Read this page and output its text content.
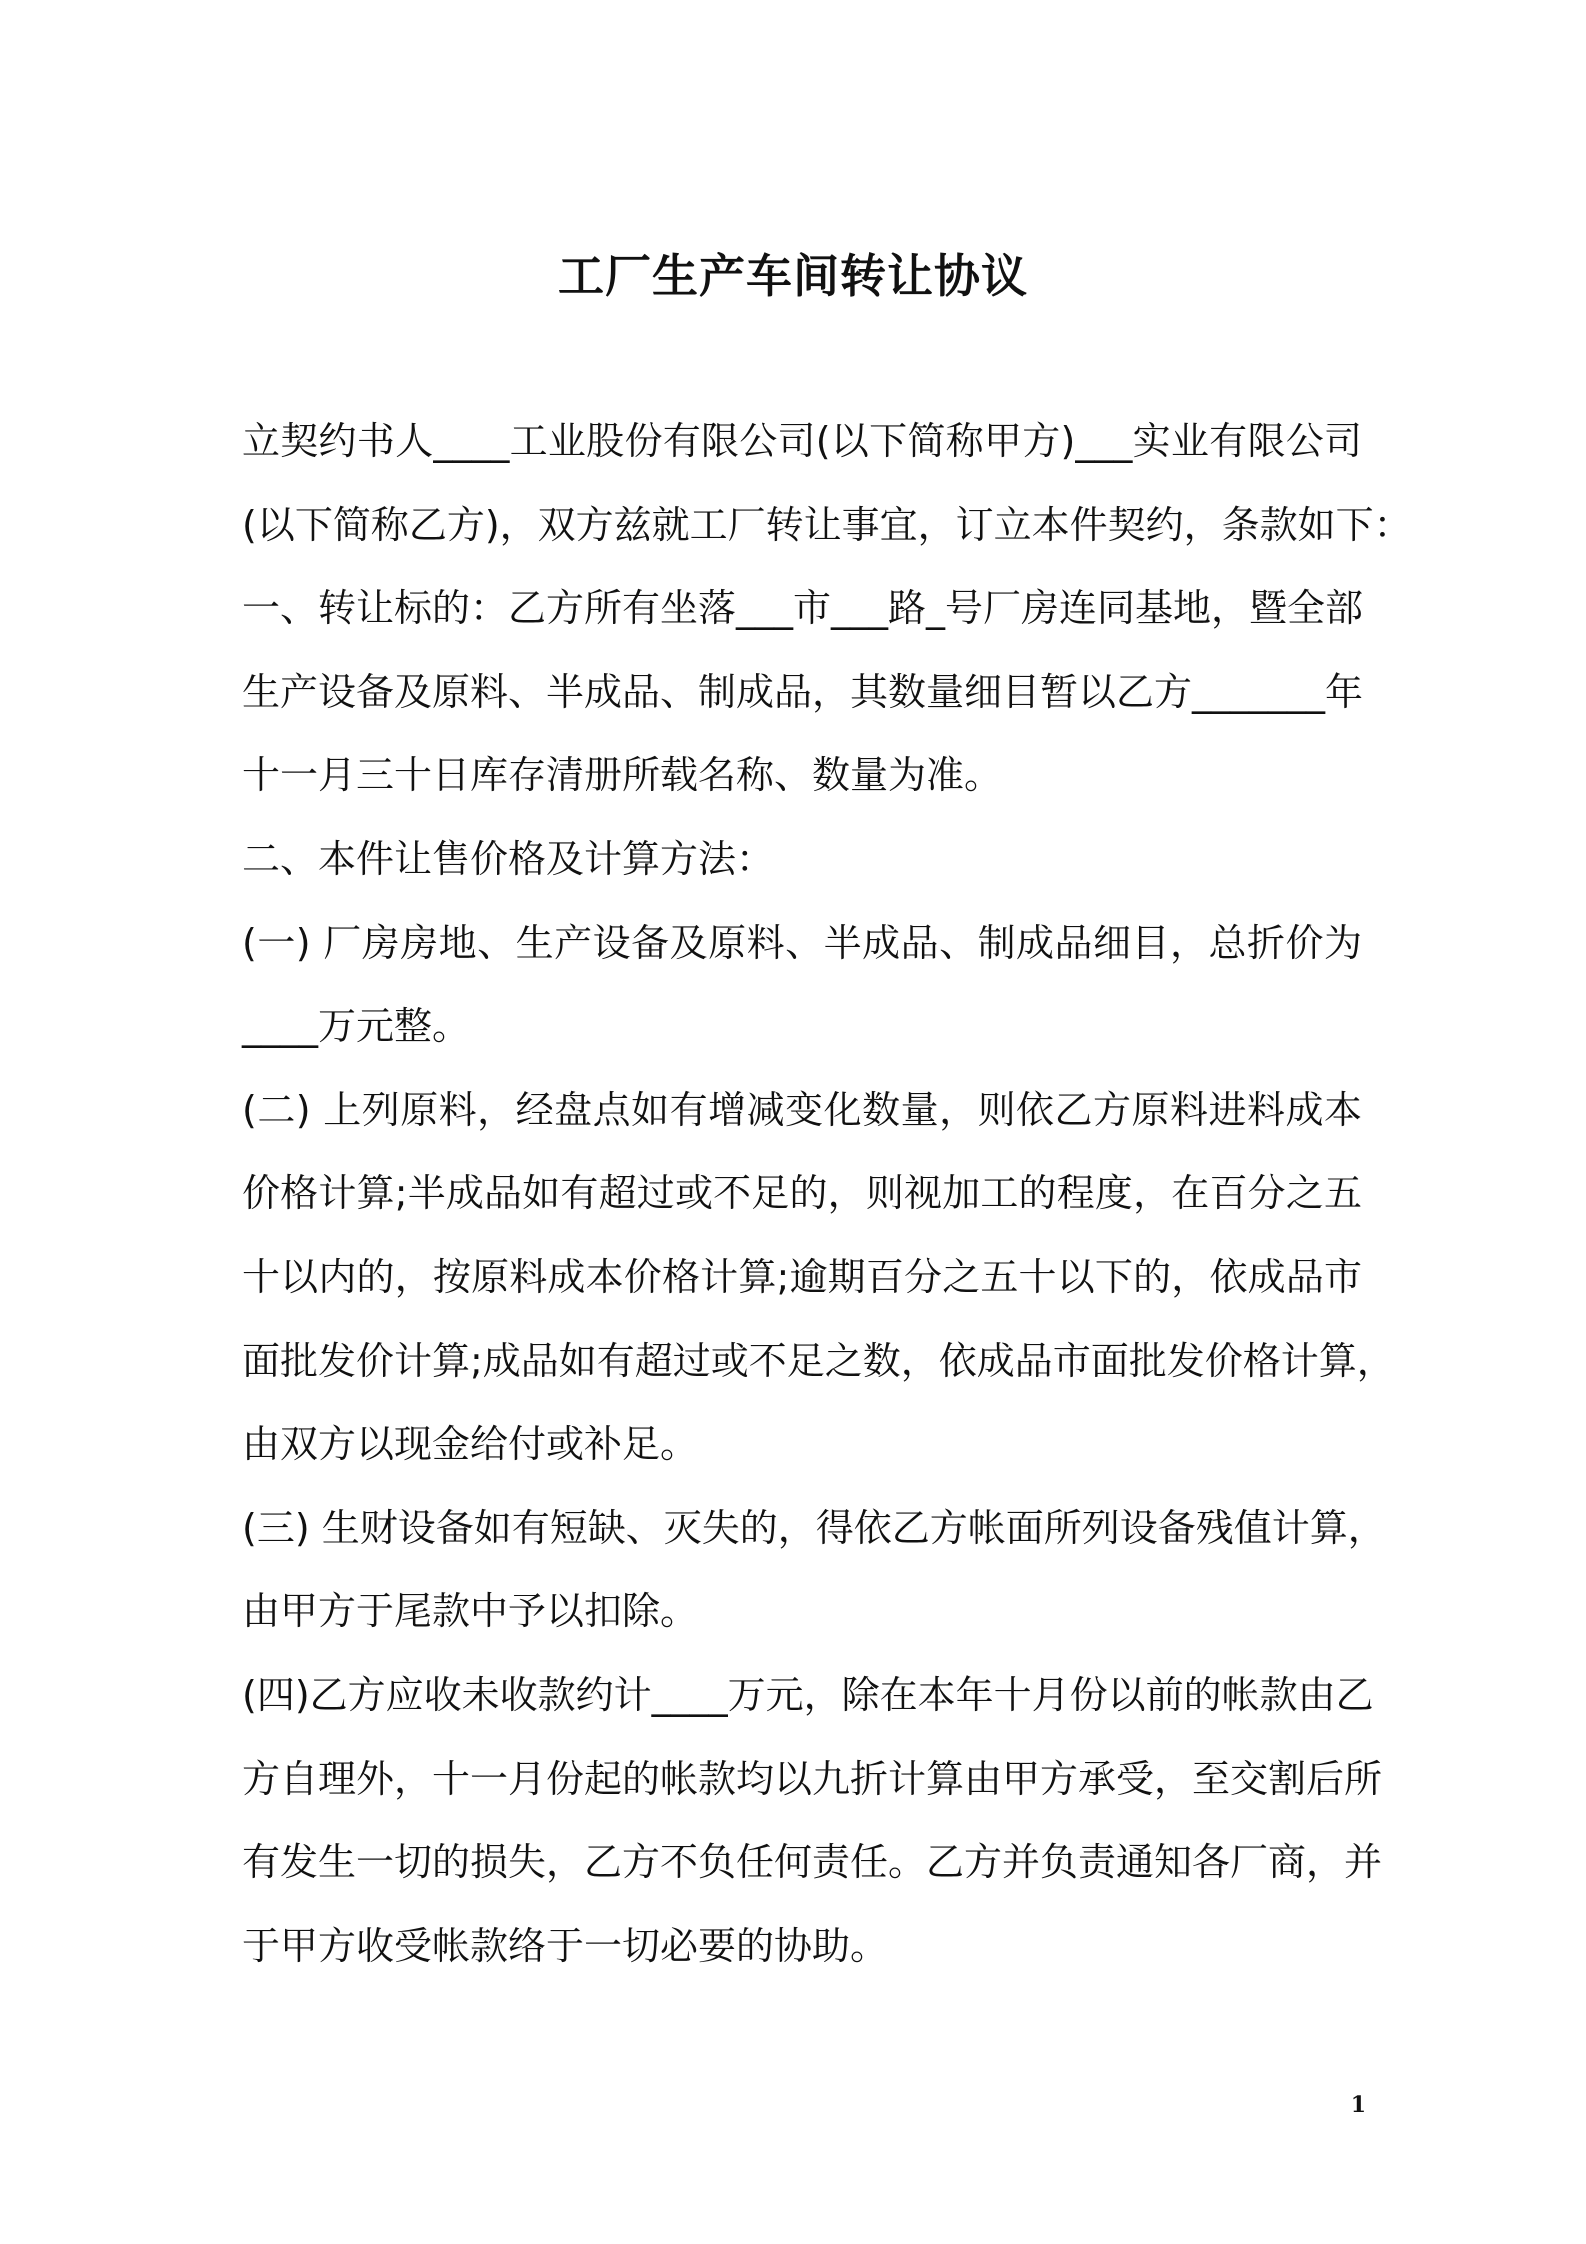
工厂生产车间转让协议
立契约书人____工业股份有限公司(以下简称甲方)___实业有限公司
(以下简称乙方)，双方兹就工厂转让事宜，订立本件契约，条款如下：
一、转让标的：乙方所有坐落___市___路_号厂房连同基地，暨全部
生产设备及原料、半成品、制成品，其数量细目暂以乙方_______年
十一月三十日库存清册所载名称、数量为准。
二、本件让售价格及计算方法：
(一) 厂房房地、生产设备及原料、半成品、制成品细目，总折价为
____万元整。
(二) 上列原料，经盘点如有增减变化数量，则依乙方原料进料成本
价格计算;半成品如有超过或不足的，则视加工的程度，在百分之五
十以内的，按原料成本价格计算;逾期百分之五十以下的，依成品市
面批发价计算;成品如有超过或不足之数，依成品市面批发价格计算，
由双方以现金给付或补足。
(三) 生财设备如有短缺、灭失的，得依乙方帐面所列设备残值计算，
由甲方于尾款中予以扣除。
(四)乙方应收未收款约计____万元，除在本年十月份以前的帐款由乙
方自理外，十一月份起的帐款均以九折计算由甲方承受，至交割后所
有发生一切的损失，乙方不负任何责任。乙方并负责通知各厂商，并
于甲方收受帐款络于一切必要的协助。
1
